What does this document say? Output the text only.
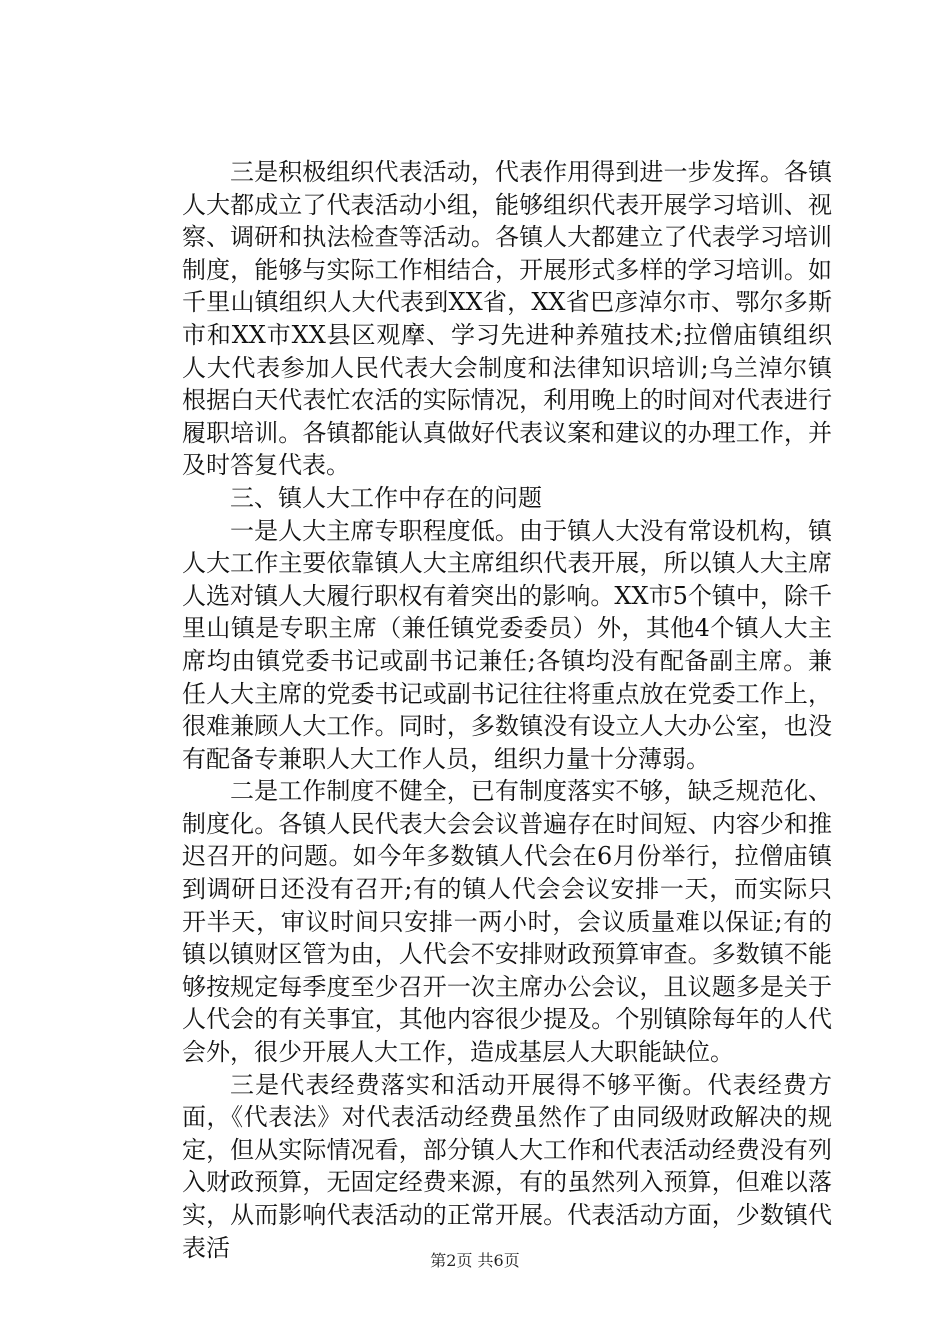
三是积极组织代表活动，代表作用得到进一步发挥。各镇人大都成立了代表活动小组，能够组织代表开展学习培训、视察、调研和执法检查等活动。各镇人大都建立了代表学习培训制度，能够与实际工作相结合，开展形式多样的学习培训。如千里山镇组织人大代表到XX省，XX省巴彦淖尔市、鄂尔多斯市和XX市XX县区观摩、学习先进种养殖技术;拉僧庙镇组织人大代表参加人民代表大会制度和法律知识培训;乌兰淖尔镇根据白天代表忙农活的实际情况，利用晚上的时间对代表进行履职培训。各镇都能认真做好代表议案和建议的办理工作，并及时答复代表。

三、镇人大工作中存在的问题

一是人大主席专职程度低。由于镇人大没有常设机构，镇人大工作主要依靠镇人大主席组织代表开展，所以镇人大主席人选对镇人大履行职权有着突出的影响。XX市5个镇中，除千里山镇是专职主席（兼任镇党委委员）外，其他4个镇人大主席均由镇党委书记或副书记兼任;各镇均没有配备副主席。兼任人大主席的党委书记或副书记往往将重点放在党委工作上，很难兼顾人大工作。同时，多数镇没有设立人大办公室，也没有配备专兼职人大工作人员，组织力量十分薄弱。

二是工作制度不健全，已有制度落实不够，缺乏规范化、制度化。各镇人民代表大会会议普遍存在时间短、内容少和推迟召开的问题。如今年多数镇人代会在6月份举行，拉僧庙镇到调研日还没有召开;有的镇人代会会议安排一天，而实际只开半天，审议时间只安排一两小时，会议质量难以保证;有的镇以镇财区管为由，人代会不安排财政预算审查。多数镇不能够按规定每季度至少召开一次主席办公会议，且议题多是关于人代会的有关事宜，其他内容很少提及。个别镇除每年的人代会外，很少开展人大工作，造成基层人大职能缺位。

三是代表经费落实和活动开展得不够平衡。代表经费方面，《代表法》对代表活动经费虽然作了由同级财政解决的规定，但从实际情况看，部分镇人大工作和代表活动经费没有列入财政预算，无固定经费来源，有的虽然列入预算，但难以落实，从而影响代表活动的正常开展。代表活动方面，少数镇代表活	第2页 共6页
